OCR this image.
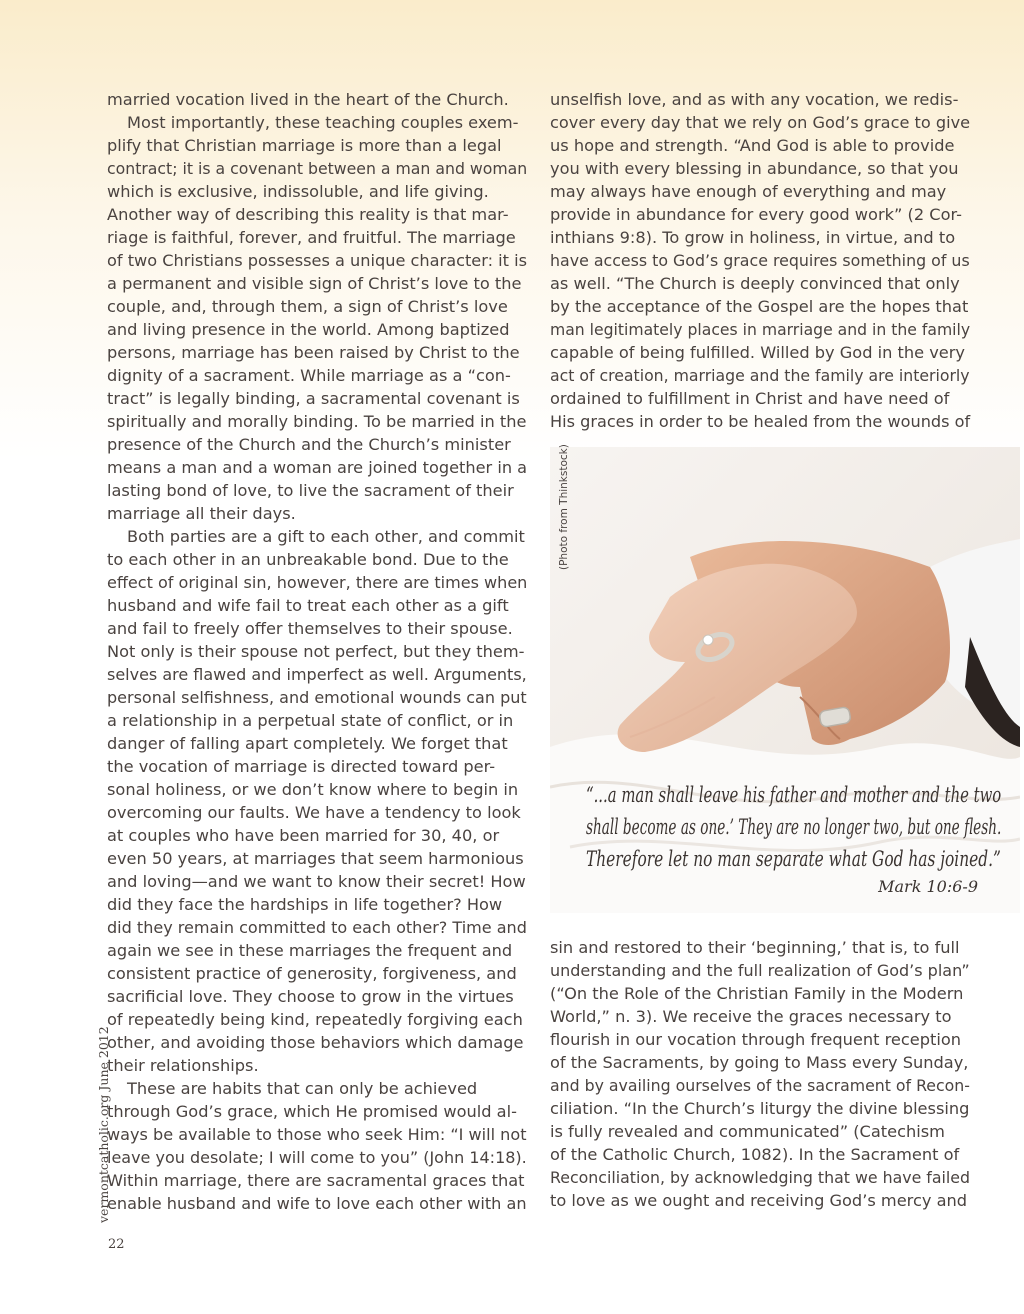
married vocation lived in the heart of the Church.
Most importantly, these teaching couples exem-
plify that Christian marriage is more than a legal
contract; it is a covenant between a man and woman
which is exclusive, indissoluble, and life giving.
Another way of describing this reality is that mar-
riage is faithful, forever, and fruitful. The marriage
of two Christians possesses a unique character: it is
a permanent and visible sign of Christ’s love to the
couple, and, through them, a sign of Christ’s love
and living presence in the world. Among baptized
persons, marriage has been raised by Christ to the
dignity of a sacrament. While marriage as a “con-
tract” is legally binding, a sacramental covenant is
spiritually and morally binding. To be married in the
presence of the Church and the Church’s minister
means a man and a woman are joined together in a
lasting bond of love, to live the sacrament of their
marriage all their days.
Both parties are a gift to each other, and commit
to each other in an unbreakable bond. Due to the
effect of original sin, however, there are times when
husband and wife fail to treat each other as a gift
and fail to freely offer themselves to their spouse.
Not only is their spouse not perfect, but they them-
selves are flawed and imperfect as well. Arguments,
personal selfishness, and emotional wounds can put
a relationship in a perpetual state of conflict, or in
danger of falling apart completely. We forget that
the vocation of marriage is directed toward per-
sonal holiness, or we don’t know where to begin in
overcoming our faults. We have a tendency to look
at couples who have been married for 30, 40, or
even 50 years, at marriages that seem harmonious
and loving—and we want to know their secret! How
did they face the hardships in life together? How
did they remain committed to each other? Time and
again we see in these marriages the frequent and
consistent practice of generosity, forgiveness, and
sacrificial love. They choose to grow in the virtues
of repeatedly being kind, repeatedly forgiving each
other, and avoiding those behaviors which damage
their relationships.
These are habits that can only be achieved
through God’s grace, which He promised would al-
ways be available to those who seek Him: “I will not
leave you desolate; I will come to you” (John 14:18).
Within marriage, there are sacramental graces that
enable husband and wife to love each other with an
unselfish love, and as with any vocation, we redis-
cover every day that we rely on God’s grace to give
us hope and strength. “And God is able to provide
you with every blessing in abundance, so that you
may always have enough of everything and may
provide in abundance for every good work” (2 Cor-
inthians 9:8). To grow in holiness, in virtue, and to
have access to God’s grace requires something of us
as well. “The Church is deeply convinced that only
by the acceptance of the Gospel are the hopes that
man legitimately places in marriage and in the family
capable of being fulfilled. Willed by God in the very
act of creation, marriage and the family are interiorly
ordained to fulfillment in Christ and have need of
His graces in order to be healed from the wounds of
“...a man shall leave his father and mother and the two
shall become as one.’ They are no longer two, but one flesh.
Therefore let no man separate what God has joined.”
Mark 10:6-9
(Photo from Thinkstock)
sin and restored to their ‘beginning,’ that is, to full
understanding and the full realization of God’s plan”
(“On the Role of the Christian Family in the Modern
World,” n. 3). We receive the graces necessary to
flourish in our vocation through frequent reception
of the Sacraments, by going to Mass every Sunday,
and by availing ourselves of the sacrament of Recon-
ciliation. “In the Church’s liturgy the divine blessing
is fully revealed and communicated” (Catechism
of the Catholic Church, 1082). In the Sacrament of
Reconciliation, by acknowledging that we have failed
to love as we ought and receiving God’s mercy and
vermontcatholic.org June 2012
22
